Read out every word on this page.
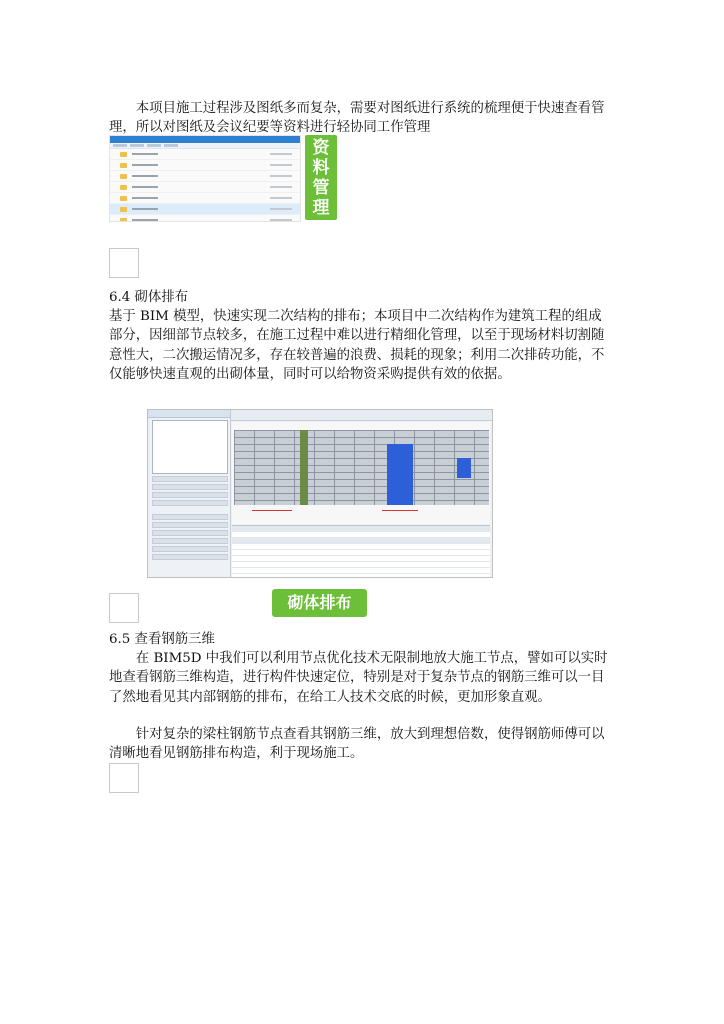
本项目施工过程涉及图纸多而复杂，需要对图纸进行系统的梳理便于快速查看管理，所以对图纸及会议纪要等资料进行轻协同工作管理

资
料
管
理
6.4 砌体排布

基于 BIM 模型，快速实现二次结构的排布；本项目中二次结构作为建筑工程的组成部分，因细部节点较多，在施工过程中难以进行精细化管理，以至于现场材料切割随意性大，二次搬运情况多，存在较普遍的浪费、损耗的现象；利用二次排砖功能，不仅能够快速直观的出砌体量，同时可以给物资采购提供有效的依据。

砌体排布
6.5 查看钢筋三维

在 BIM5D 中我们可以利用节点优化技术无限制地放大施工节点，譬如可以实时地查看钢筋三维构造，进行构件快速定位，特别是对于复杂节点的钢筋三维可以一目了然地看见其内部钢筋的排布，在给工人技术交底的时候，更加形象直观。

针对复杂的梁柱钢筋节点查看其钢筋三维，放大到理想倍数，使得钢筋师傅可以清晰地看见钢筋排布构造，利于现场施工。
